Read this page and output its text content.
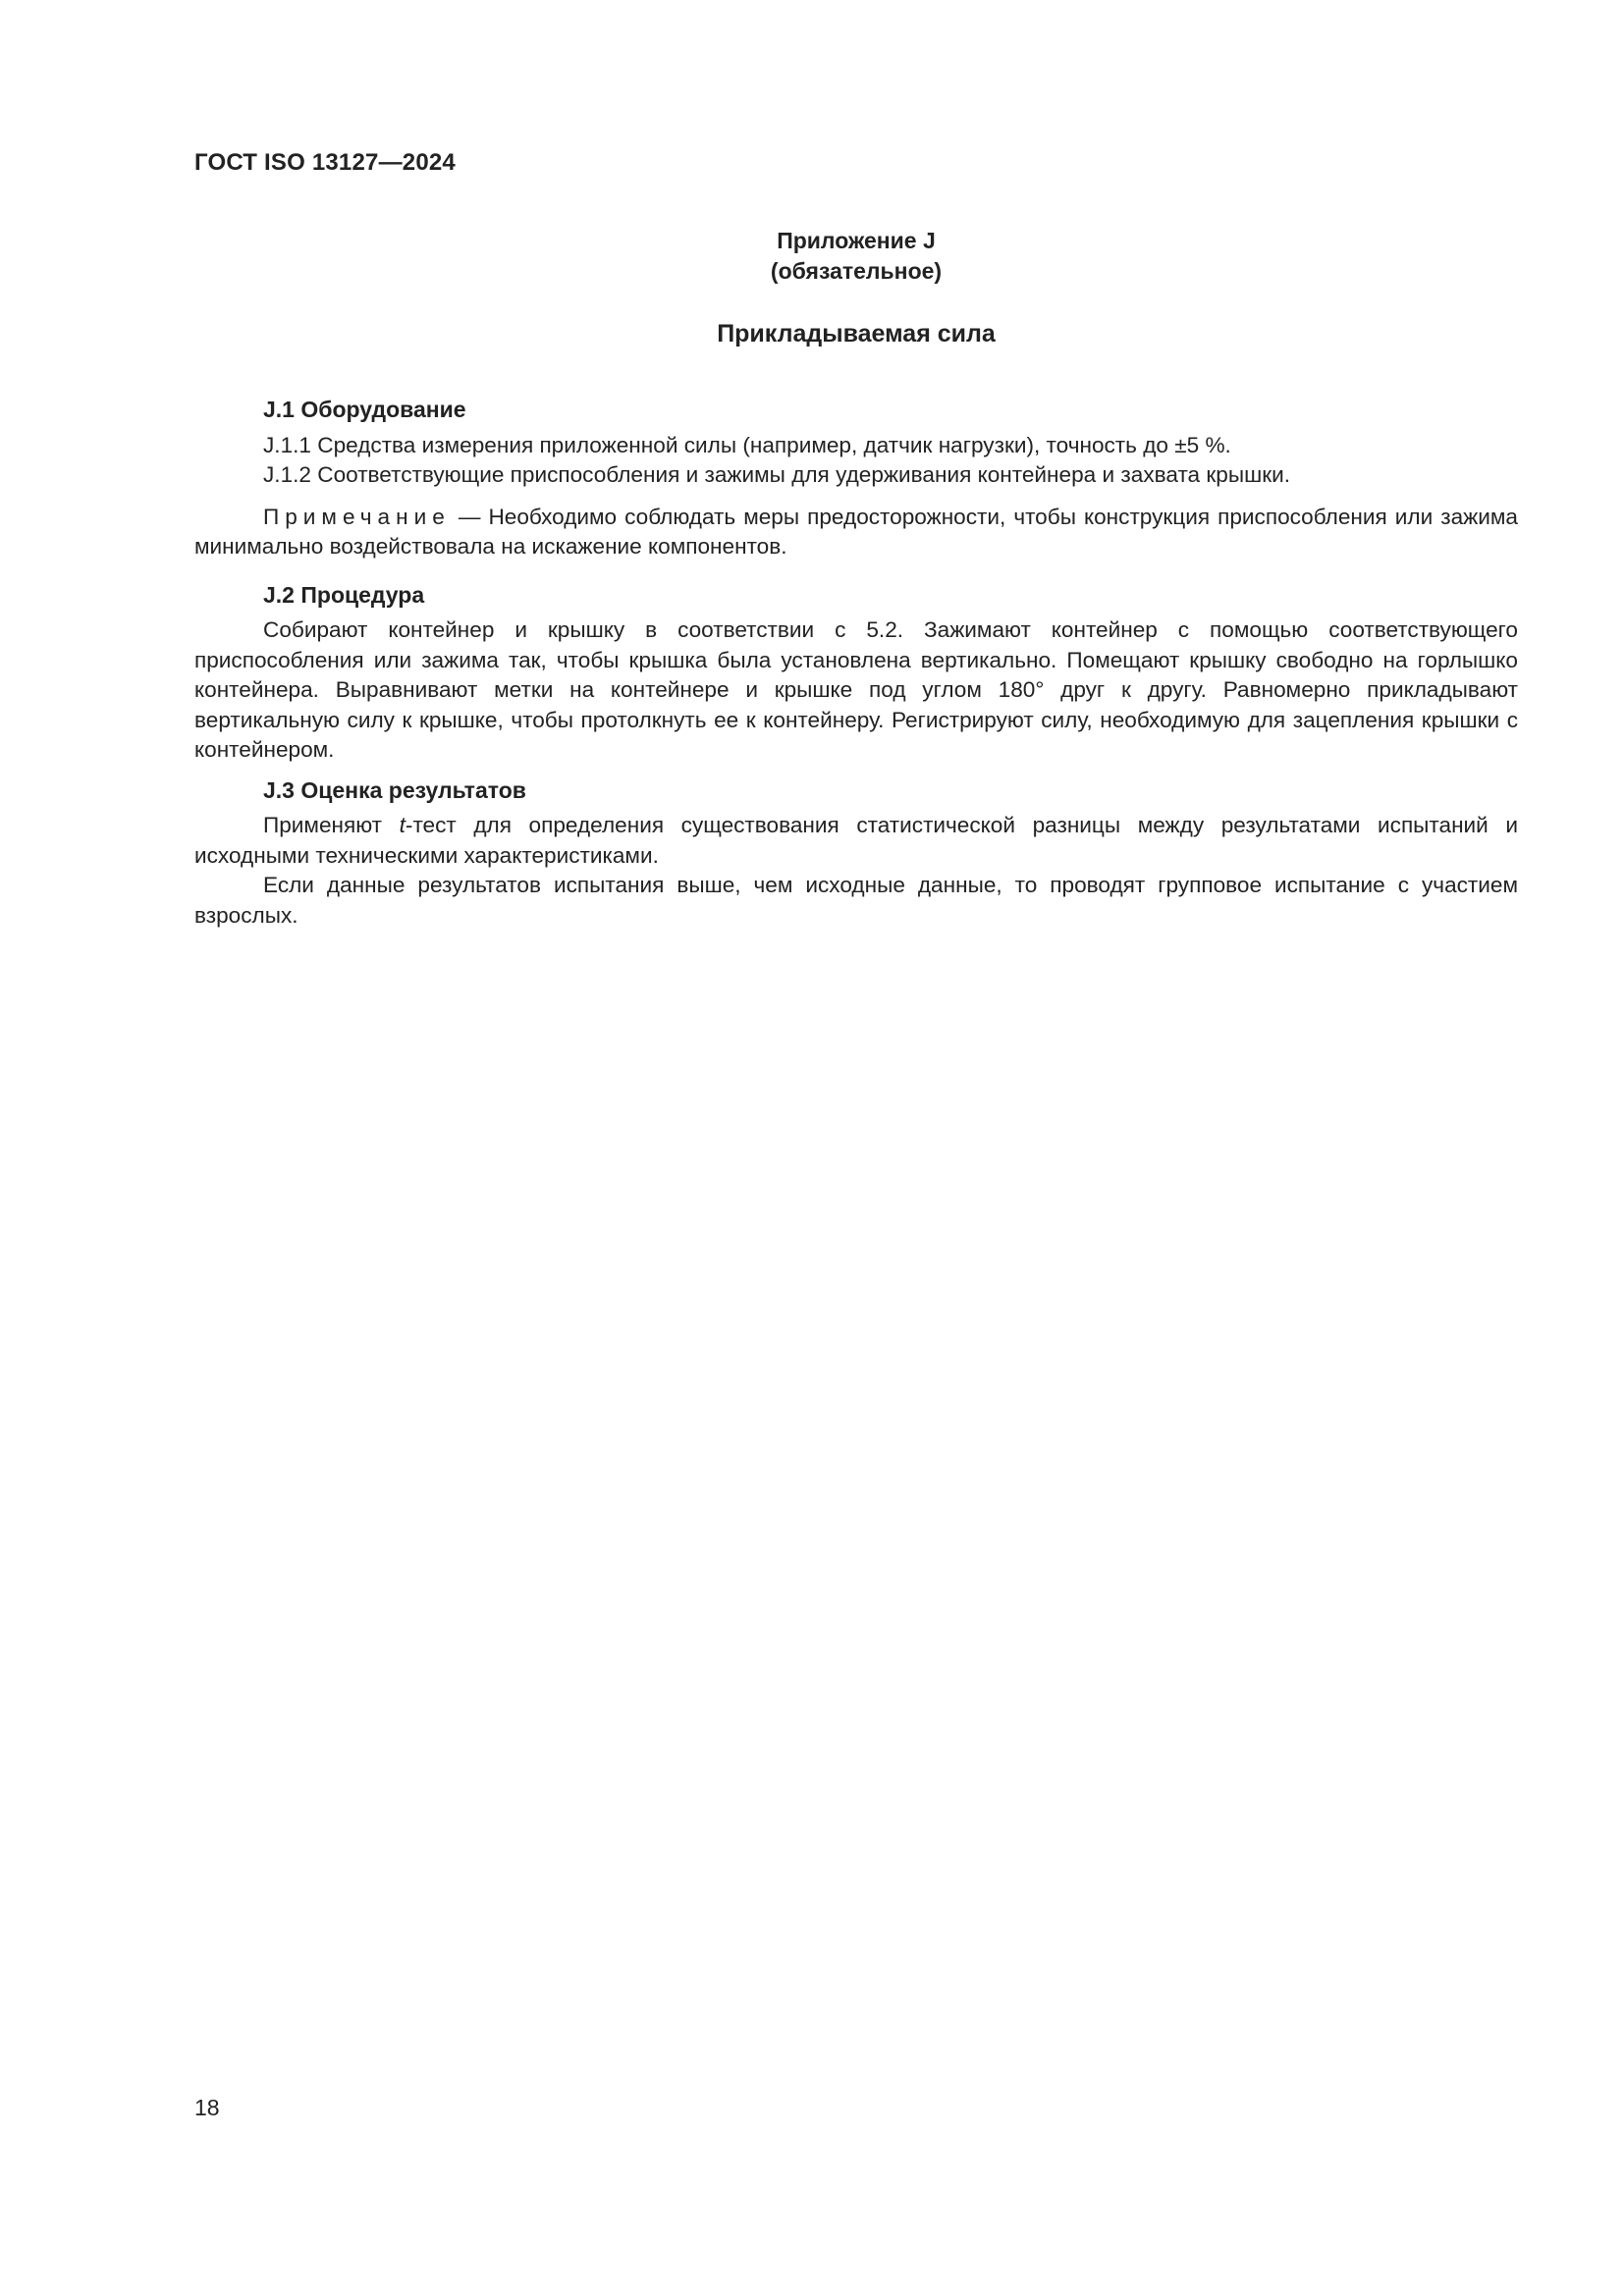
ГОСТ ISO 13127—2024
Приложение J
(обязательное)
Прикладываемая сила
J.1 Оборудование

J.1.1 Средства измерения приложенной силы (например, датчик нагрузки), точность до ±5 %.

J.1.2 Соответствующие приспособления и зажимы для удерживания контейнера и захвата крышки.

Примечание — Необходимо соблюдать меры предосторожности, чтобы конструкция приспособления или зажима минимально воздействовала на искажение компонентов.

J.2 Процедура

Собирают контейнер и крышку в соответствии с 5.2. Зажимают контейнер с помощью соответствующего приспособления или зажима так, чтобы крышка была установлена вертикально. Помещают крышку свободно на горлышко контейнера. Выравнивают метки на контейнере и крышке под углом 180° друг к другу. Равномерно прикладывают вертикальную силу к крышке, чтобы протолкнуть ее к контейнеру. Регистрируют силу, необходимую для зацепления крышки с контейнером.

J.3 Оценка результатов

Применяют t-тест для определения существования статистической разницы между результатами испытаний и исходными техническими характеристиками.

Если данные результатов испытания выше, чем исходные данные, то проводят групповое испытание с участием взрослых.

18
